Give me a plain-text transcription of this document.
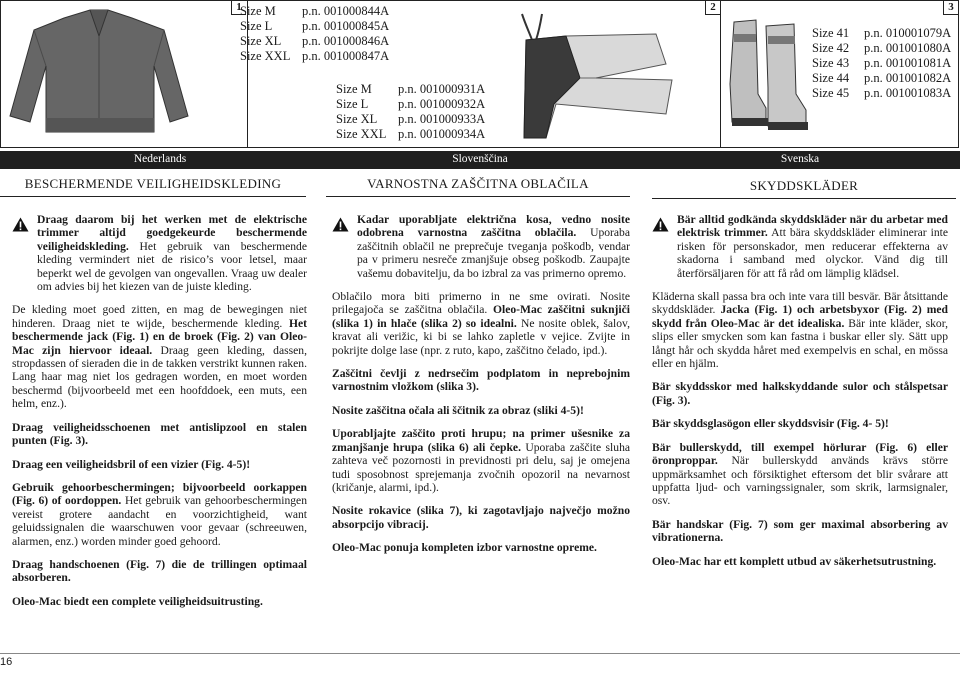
1	2	3
Size M	p.n. 001000844A
Size L	p.n. 001000845A
Size XL	p.n. 001000846A
Size XXL p.n. 001000847A
Size M	p.n. 001000931A
Size L	p.n. 001000932A
Size XL	p.n. 001000933A
Size XXL p.n. 001000934A
Size 41	p.n. 010001079A
Size 42	p.n. 001001080A
Size 43	p.n. 001001081A
Size 44	p.n. 001001082A
Size 45	p.n. 001001083A
Nederlands	Slovenščina	Svenska
BESCHERMENDE VEILIGHEIDSKLEDING	VARNOSTNA ZAŠČITNA OBLAČILA	SKYDDSKLÄDER

Draag daarom bij het werken met de elektrische trimmer altijd goedgekeurde beschermende veiligheidskleding. Het gebruik van beschermende kleding vermindert niet de risico’s voor letsel, maar beperkt wel de gevolgen van ongevallen. Vraag uw dealer om advies bij het kiezen van de juiste kleding.

De kleding moet goed zitten, en mag de bewegingen niet hinderen. Draag niet te wijde, beschermende kleding. Het beschermende jack (Fig. 1) en de broek (Fig. 2) van Oleo-Mac zijn hiervoor ideaal. Draag geen kleding, dassen, stropdassen of sieraden die in de takken verstrikt kunnen raken. Lang haar mag niet los gedragen worden, en moet worden beschermd (bijvoorbeeld met een hoofddoek, een muts, een helm, enz.).

Draag veiligheidsschoenen met antislipzool en stalen punten (Fig. 3).

Draag een veiligheidsbril of een vizier (Fig. 4-5)!

Gebruik gehoorbeschermingen; bijvoorbeeld oorkappen (Fig. 6) of oordoppen. Het gebruik van gehoorbeschermingen vereist grotere aandacht en voorzichtigheid, want geluidssignalen die waarschuwen voor gevaar (schreeuwen, alarmen, enz.) worden minder goed gehoord.

Draag handschoenen (Fig. 7) die de trillingen optimaal absorberen.

Oleo-Mac biedt een complete veiligheidsuitrusting.

Kadar uporabljate električna kosa, vedno nosite odobrena varnostna zaščitna oblačila. Uporaba zaščitnih oblačil ne preprečuje tveganja poškodb, vendar pa v primeru nesreče zmanjšuje obseg poškodb. Zaupajte vašemu dobavitelju, da bo izbral za vas primerno opremo.

Oblačilo mora biti primerno in ne sme ovirati. Nosite prilegajoča se zaščitna oblačila. Oleo-Mac zaščitni suknjiči (slika 1) in hlače (slika 2) so idealni. Ne nosite oblek, šalov, kravat ali verižic, ki bi se lahko zapletle v vejice. Zvijte in pokrijte dolge lase (npr. z ruto, kapo, zaščitno čelado, ipd.).

Zaščitni čevlji z nedrsečim podplatom in neprebojnim varnostnim vložkom (slika 3).

Nosite zaščitna očala ali ščitnik za obraz (sliki 4-5)!

Uporabljajte zaščito proti hrupu; na primer ušesnike za zmanjšanje hrupa (slika 6) ali čepke. Uporaba zaščite sluha zahteva več pozornosti in previdnosti pri delu, saj je omejena tudi sposobnost sprejemanja zvočnih opozoril na nevarnost (kričanje, alarmi, ipd.).

Nosite rokavice (slika 7), ki zagotavljajo največjo možno absorpcijo vibracij.

Oleo-Mac ponuja kompleten izbor varnostne opreme.

Bär alltid godkända skyddskläder när du arbetar med elektrisk trimmer. Att bära skyddskläder eliminerar inte risken för personskador, men reducerar effekterna av skadorna i samband med olyckor. Vänd dig till återförsäljaren för att få råd om lämplig klädsel.

Kläderna skall passa bra och inte vara till besvär. Bär åtsittande skyddskläder. Jacka (Fig. 1) och arbetsbyxor (Fig. 2) med skydd från Oleo-Mac är det idealiska. Bär inte kläder, skor, slips eller smycken som kan fastna i buskar eller sly. Sätt upp långt hår och skydda håret med exempelvis en schal, en mössa eller en hjälm.

Bär skyddsskor med halkskyddande sulor och stålspetsar (Fig. 3).

Bär skyddsglasögon eller skyddsvisir (Fig. 4- 5)!

Bär bullerskydd, till exempel hörlurar (Fig. 6) eller öronproppar. När bullerskydd används krävs större uppmärksamhet och försiktighet eftersom det blir svårare att uppfatta ljud- och varningssignaler, som skrik, larmsignaler, osv.

Bär handskar (Fig. 7) som ger maximal absorbering av vibrationerna.

Oleo-Mac har ett komplett utbud av säkerhetsutrustning.

16
